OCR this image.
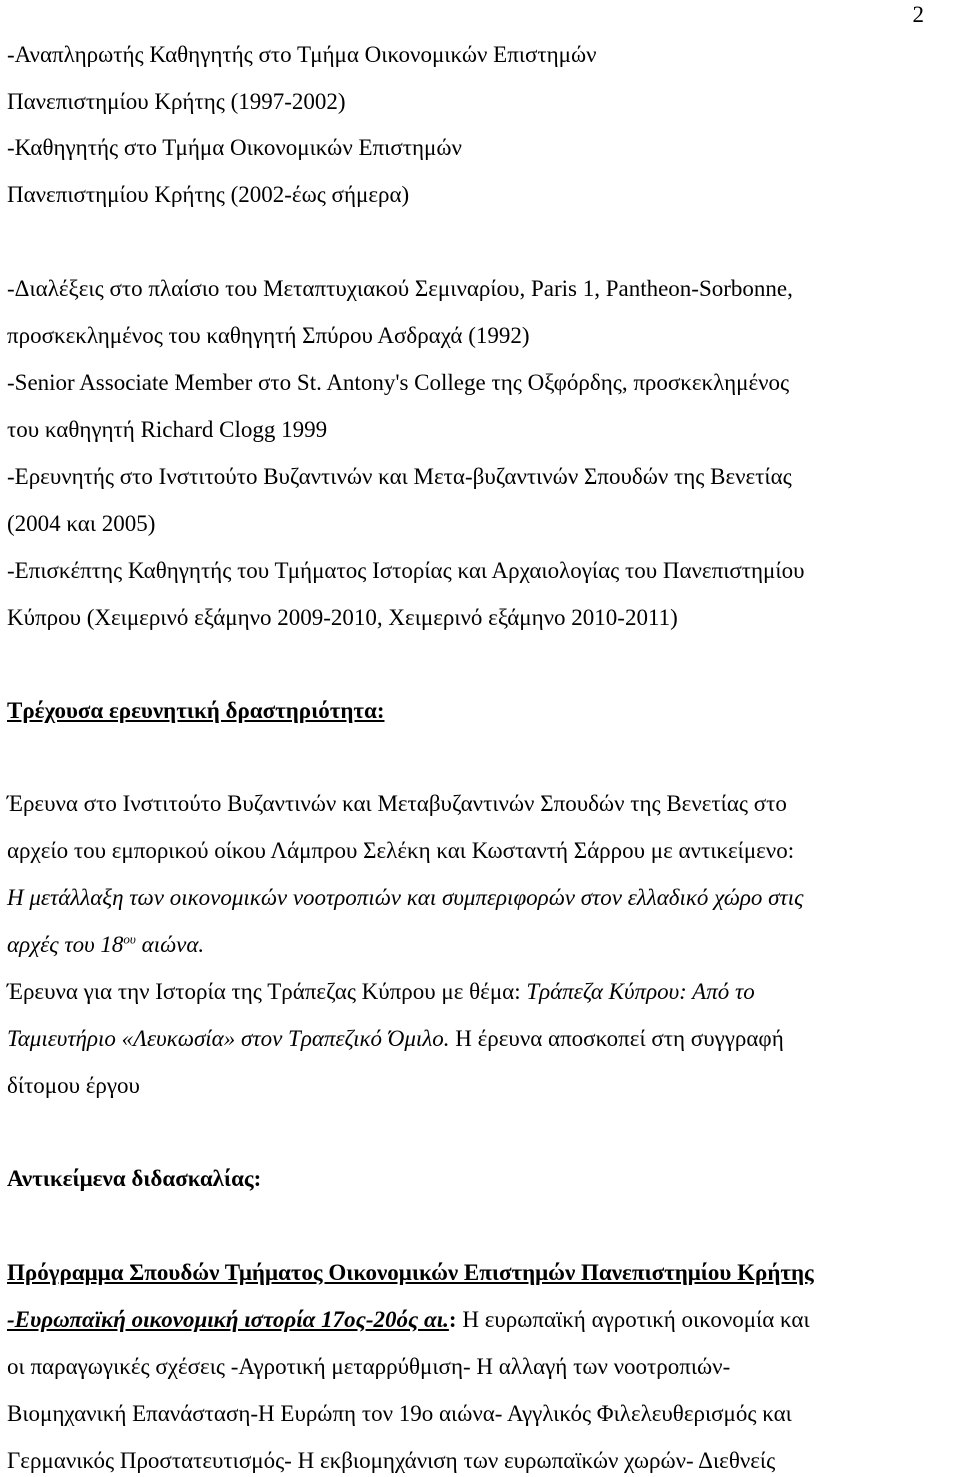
2
-Αναπληρωτής Καθηγητής στο Τμήμα Οικονομικών Επιστημών
Πανεπιστημίου Κρήτης (1997-2002)
-Καθηγητής στο Τμήμα Οικονομικών Επιστημών
Πανεπιστημίου Κρήτης (2002-έως σήμερα)
-Διαλέξεις στο πλαίσιο του Μεταπτυχιακού Σεμιναρίου, Paris 1, Pantheon-Sorbonne,
προσκεκλημένος του καθηγητή Σπύρου Ασδραχά (1992)
-Senior Associate Member στο St. Antony's College της Οξφόρδης, προσκεκλημένος
του καθηγητή Richard Clogg 1999
-Ερευνητής στο Ινστιτούτο Βυζαντινών και Μετα-βυζαντινών Σπουδών της Βενετίας
(2004 και 2005)
-Επισκέπτης Καθηγητής του Τμήματος Ιστορίας και Αρχαιολογίας του Πανεπιστημίου
Κύπρου (Χειμερινό εξάμηνο 2009-2010, Χειμερινό εξάμηνο 2010-2011)
Τρέχουσα ερευνητική δραστηριότητα:
Έρευνα στο Ινστιτούτο Βυζαντινών και Μεταβυζαντινών Σπουδών της Βενετίας στο
αρχείο του εμπορικού οίκου Λάμπρου Σελέκη και Κωσταντή Σάρρου με αντικείμενο:
Η μετάλλαξη των οικονομικών νοοτροπιών και συμπεριφορών στον ελλαδικό χώρο στις
αρχές του $18^{o\upsilon}$ αιώνα.
Έρευνα για την Ιστορία της Τράπεζας Κύπρου με θέμα: Τράπεζα Κύπρου: Από το
Ταμιευτήριο «Λευκωσία» στον Τραπεζικό Όμιλο. Η έρευνα αποσκοπεί στη συγγραφή
δίτομου έργου
Αντικείμενα διδασκαλίας:
Πρόγραμμα Σπουδών Τμήματος Οικονομικών Επιστημών Πανεπιστημίου Κρήτης
-Ευρωπαϊκή οικονομική ιστορία 17ος-20ός αι.: Η ευρωπαϊκή αγροτική οικονομία και
οι παραγωγικές σχέσεις -Αγροτική μεταρρύθμιση- Η αλλαγή των νοοτροπιών-
Βιομηχανική Επανάσταση-Η Ευρώπη τον 19ο αιώνα- Αγγλικός Φιλελευθερισμός και
Γερμανικός Προστατευτισμός- Η εκβιομηχάνιση των ευρωπαϊκών χωρών- Διεθνείς
